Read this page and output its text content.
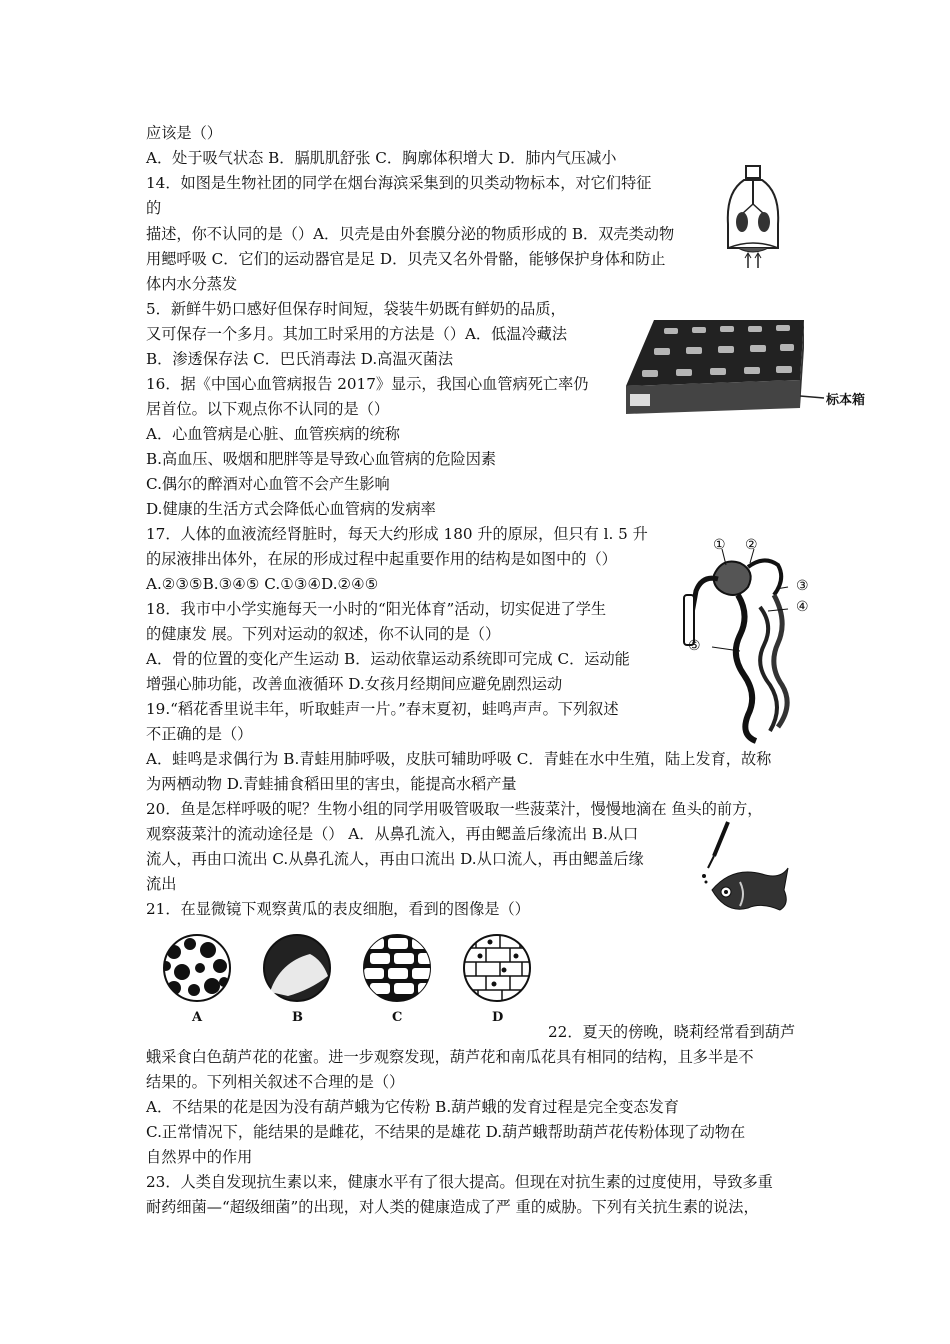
应该是（）
A．处于吸气状态 B．膈肌肌舒张 C．胸廓体积增大 D．肺内气压减小
14．如图是生物社团的同学在烟台海滨采集到的贝类动物标本，对它们特征
的
描述，你不认同的是（）A．贝壳是由外套膜分泌的物质形成的 B．双壳类动物
用鳃呼吸 C．它们的运动器官是足 D．贝壳又名外骨骼，能够保护身体和防止
体内水分蒸发
5．新鲜牛奶口感好但保存时间短，袋装牛奶既有鲜奶的品质，
又可保存一个多月。其加工时采用的方法是（）A．低温冷藏法
B．渗透保存法 C．巴氏消毒法 D.高温灭菌法
16．据《中国心血管病报告 2017》显示，我国心血管病死亡率仍
居首位。以下观点你不认同的是（）
A．心血管病是心脏、血管疾病的统称
B.高血压、吸烟和肥胖等是导致心血管病的危险因素
C.偶尔的醉酒对心血管不会产生影响
D.健康的生活方式会降低心血管病的发病率
17．人体的血液流经肾脏时，每天大约形成 180 升的原尿，但只有 l. 5 升
的尿液排出体外，在尿的形成过程中起重要作用的结构是如图中的（）
A.②③⑤B.③④⑤ C.①③④D.②④⑤
18．我市中小学实施每天一小时的“阳光体育”活动，切实促进了学生
的健康发 展。下列对运动的叙述，你不认同的是（）
A．骨的位置的变化产生运动 B．运动依靠运动系统即可完成 C．运动能
增强心肺功能，改善血液循环 D.女孩月经期间应避免剧烈运动
19.“稻花香里说丰年，听取蛙声一片。”春末夏初，蛙鸣声声。下列叙述
不正确的是（）
A．蛙鸣是求偶行为 B.青蛙用肺呼吸，皮肤可辅助呼吸 C．青蛙在水中生殖，陆上发育，故称
为两栖动物 D.青蛙捕食稻田里的害虫，能提高水稻产量
20．鱼是怎样呼吸的呢？生物小组的同学用吸管吸取一些菠菜汁，慢慢地滴在 鱼头的前方，
观察菠菜汁的流动途径是（） A．从鼻孔流入，再由鳃盖后缘流出 B.从口
流人，再由口流出 C.从鼻孔流人，再由口流出 D.从口流人，再由鳃盖后缘
流出
21．在显微镜下观察黄瓜的表皮细胞，看到的图像是（）
22．夏天的傍晚，晓莉经常看到葫芦
蛾采食白色葫芦花的花蜜。进一步观察发现，葫芦花和南瓜花具有相同的结构，且多半是不
结果的。下列相关叙述不合理的是（）
A．不结果的花是因为没有葫芦蛾为它传粉 B.葫芦蛾的发育过程是完全变态发育
C.正常情况下，能结果的是雌花，不结果的是雄花 D.葫芦蛾帮助葫芦花传粉体现了动物在
自然界中的作用
23．人类自发现抗生素以来，健康水平有了很大提高。但现在对抗生素的过度使用，导致多重
耐药细菌—“超级细菌”的出现，对人类的健康造成了严 重的威胁。下列有关抗生素的说法，
标本箱
① ②
③
④
⑤
A	B	C	D
